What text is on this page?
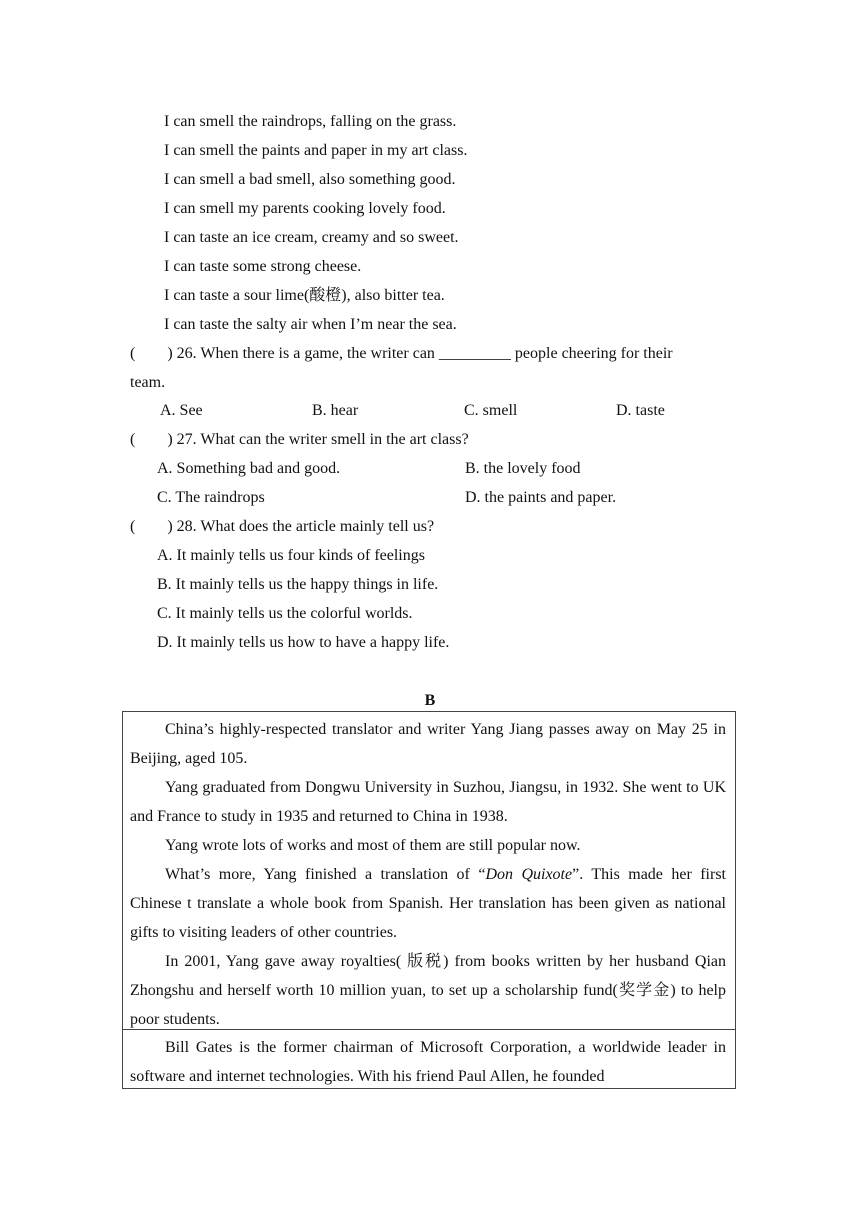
I can smell the raindrops, falling on the grass.
I can smell the paints and paper in my art class.
I can smell a bad smell, also something good.
I can smell my parents cooking lovely food.
I can taste an ice cream, creamy and so sweet.
I can taste some strong cheese.
I can taste a sour lime(酸橙), also bitter tea.
I can taste the salty air when I’m near the sea.
(        ) 26. When there is a game, the writer can _________ people cheering for their
team.
A. See	B. hear	C. smell	D. taste
(        ) 27. What can the writer smell in the art class?
A. Something bad and good.	B. the lovely food
C. The raindrops	D. the paints and paper.
(        ) 28. What does the article mainly tell us?
A. It mainly tells us four kinds of feelings
B. It mainly tells us the happy things in life.
C. It mainly tells us the colorful worlds.
D. It mainly tells us how to have a happy life.
B

China’s highly-respected translator and writer Yang Jiang passes away on May 25 in Beijing, aged 105.

Yang graduated from Dongwu University in Suzhou, Jiangsu, in 1932. She went to UK and France to study in 1935 and returned to China in 1938.

Yang wrote lots of works and most of them are still popular now.

What’s more, Yang finished a translation of “Don Quixote”. This made her first Chinese t translate a whole book from Spanish. Her translation has been given as national gifts to visiting leaders of other countries.

In 2001, Yang gave away royalties( 版税) from books written by her husband Qian Zhongshu and herself worth 10 million yuan, to set up a scholarship fund(奖学金) to help poor students.

Bill Gates is the former chairman of Microsoft Corporation, a worldwide leader in software and internet technologies. With his friend Paul Allen, he founded
